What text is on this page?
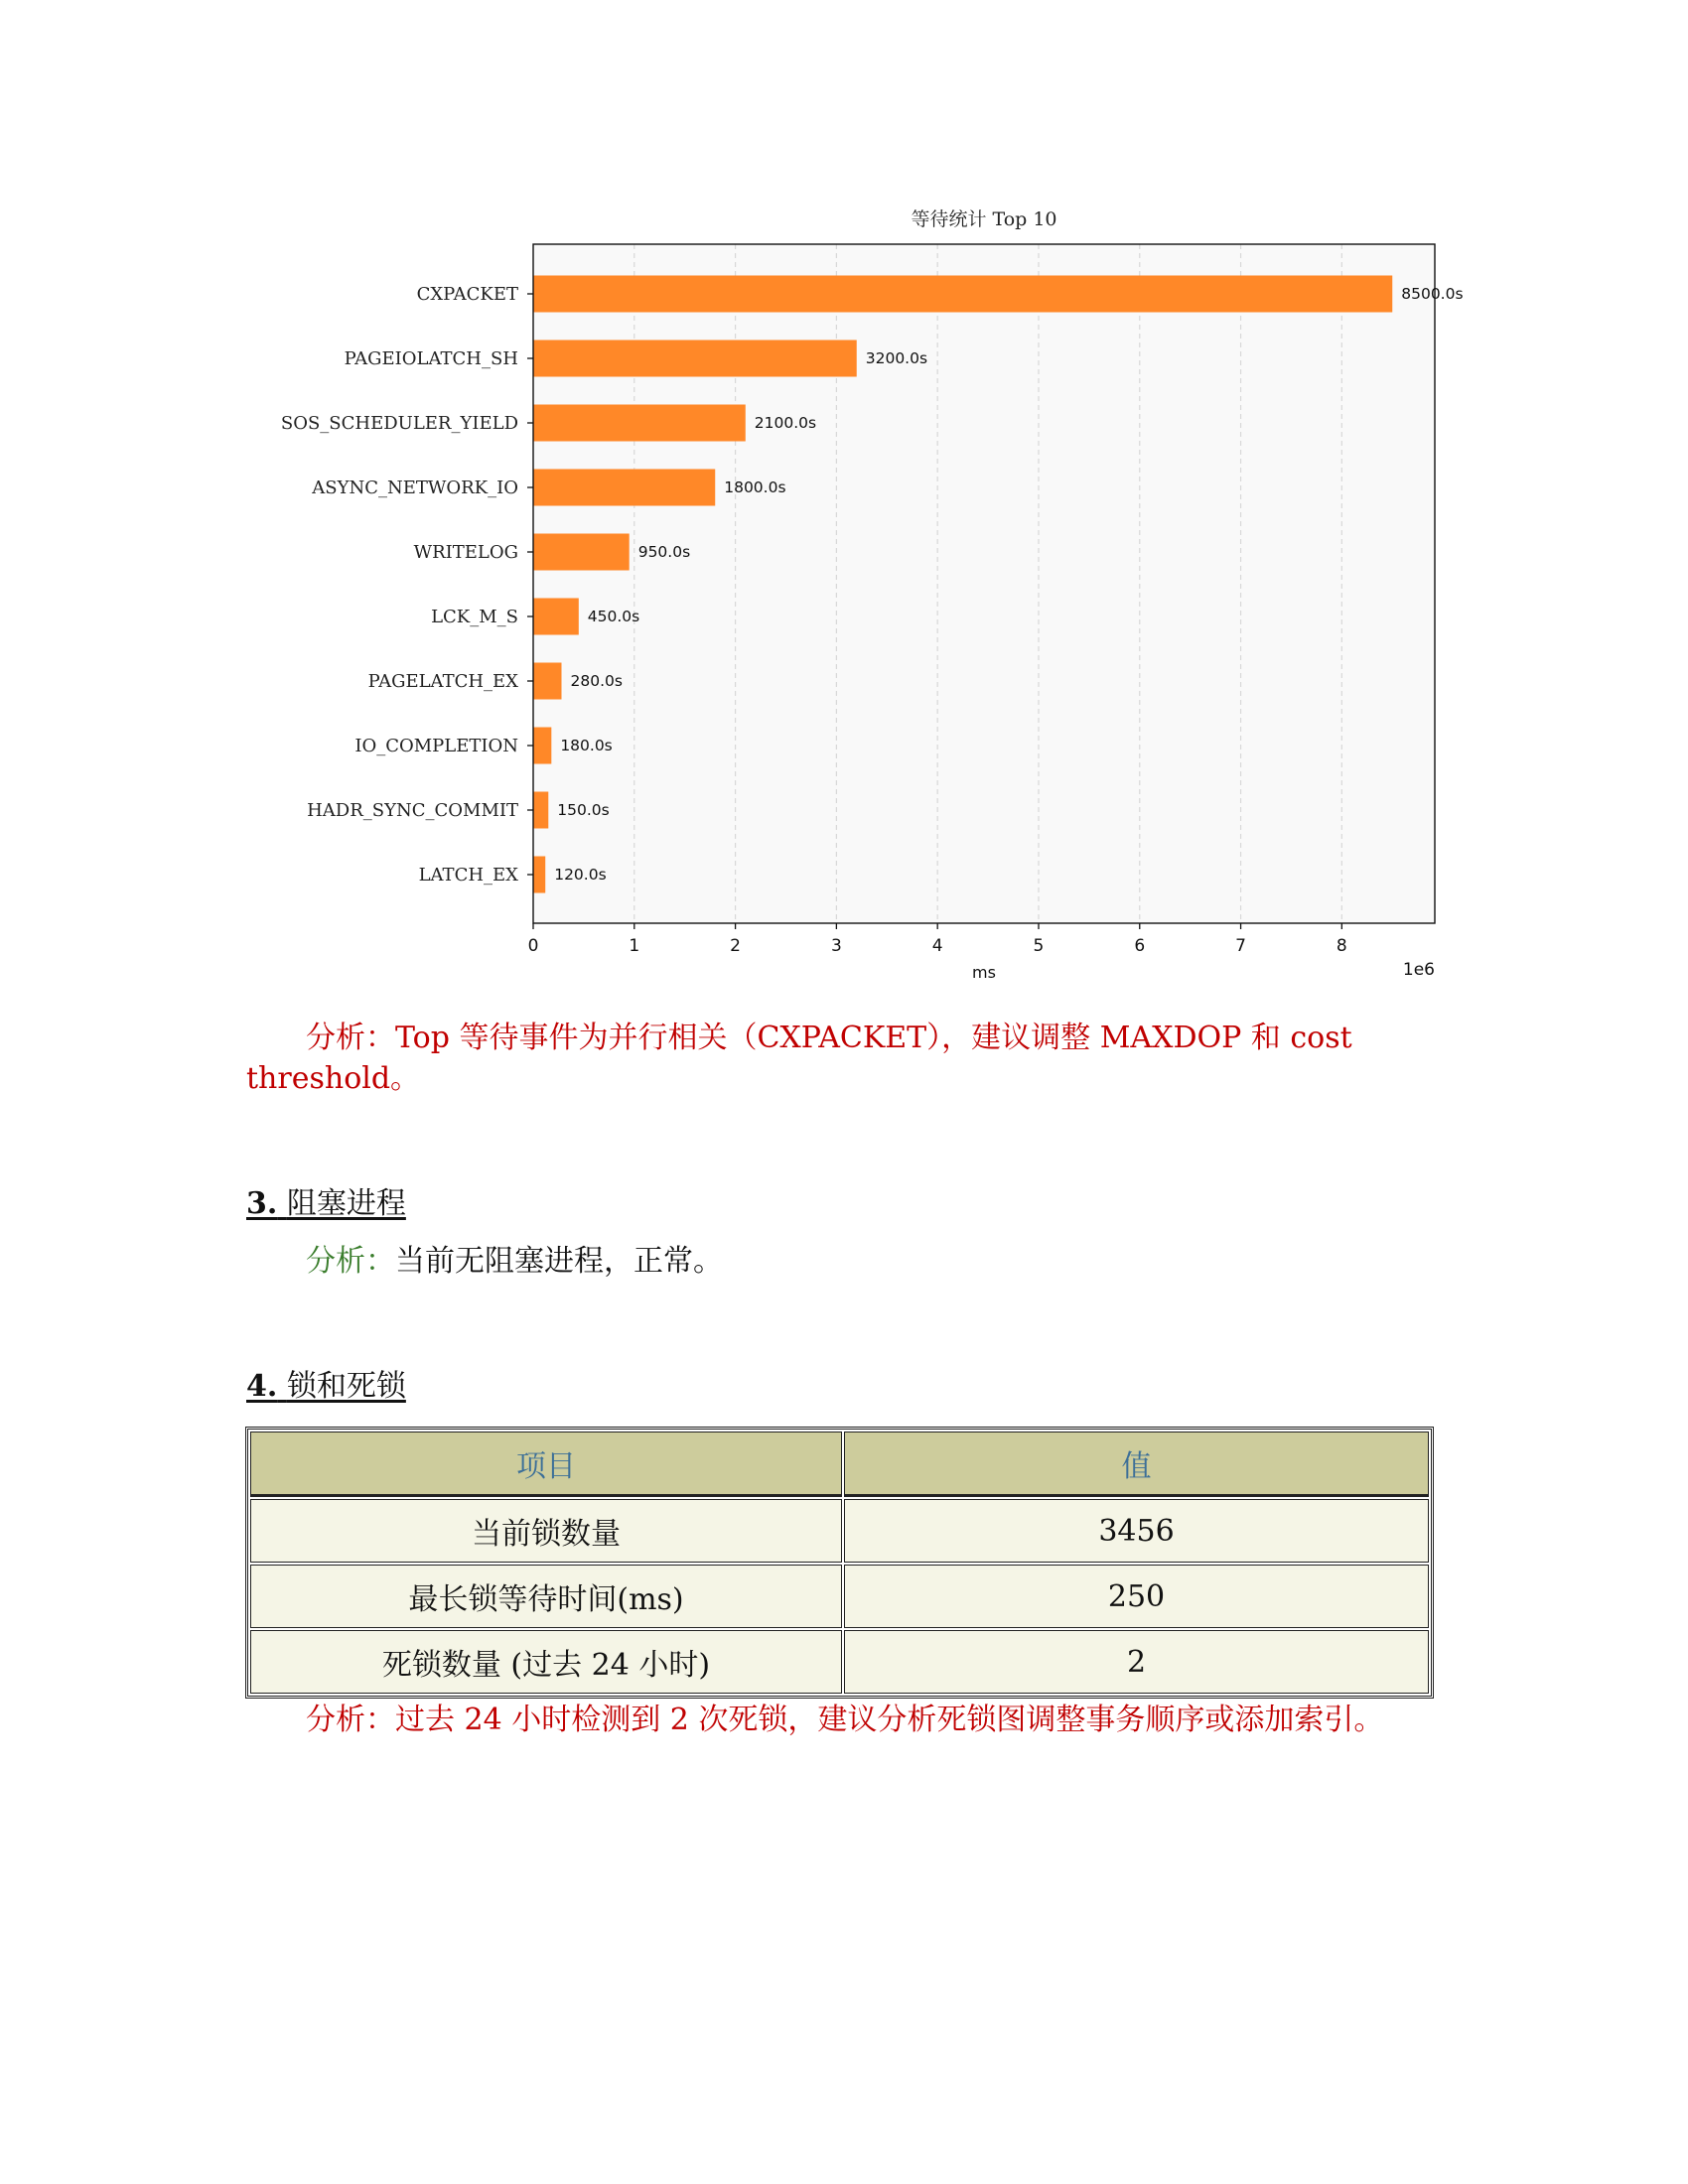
等待统计 Top 10
CXPACKET	8500.0s
PAGEIOLATCH_SH	3200.0s
SOS_SCHEDULER_YIELD	2100.0s
ASYNC_NETWORK_IO	1800.0s
WRITELOG	950.0s
LCK_M_S	450.0s
PAGELATCH_EX	280.0s
IO_COMPLETION	180.0s
HADR_SYNC_COMMIT	150.0s
LATCH_EX 120.0s
0	1	2	3	4	5	6	7	8
ms	1e6
分析：Top 等待事件为并行相关（CXPACKET），建议调整 MAXDOP 和 cost threshold。
3. 阻塞进程
分析：当前无阻塞进程，正常。
4. 锁和死锁
项目	值
当前锁数量	3456
最长锁等待时间(ms)	250
死锁数量 (过去 24 小时)	2
分析：过去 24 小时检测到 2 次死锁，建议分析死锁图调整事务顺序或添加索引。
